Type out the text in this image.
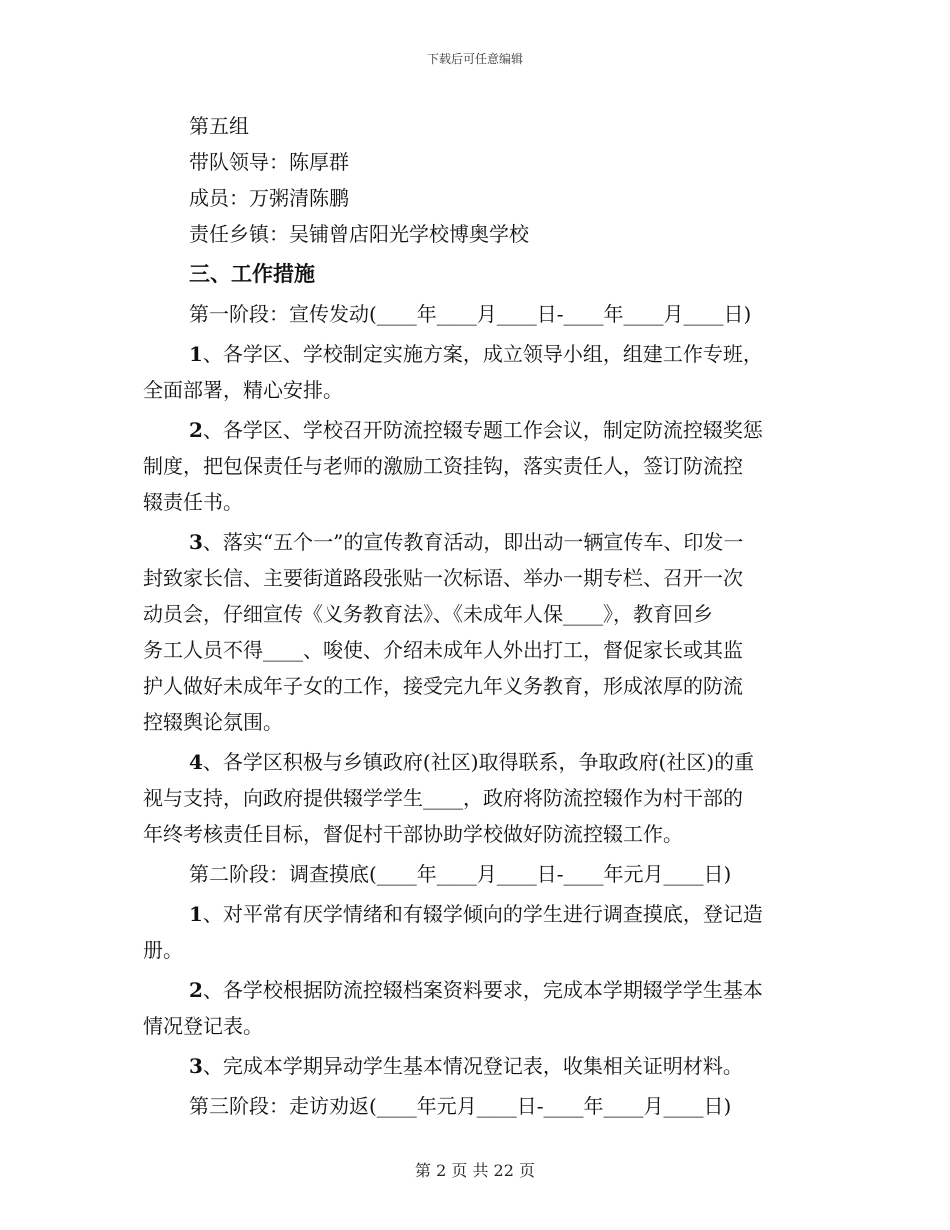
下载后可任意编辑
第五组
带队领导：陈厚群
成员：万粥清陈鹏
责任乡镇：吴铺曾店阳光学校博奥学校
三、工作措施
第一阶段：宣传发动(____年____月____日-____年____月____日)
1、各学区、学校制定实施方案，成立领导小组，组建工作专班，
全面部署，精心安排。
2、各学区、学校召开防流控辍专题工作会议，制定防流控辍奖惩
制度，把包保责任与老师的激励工资挂钩，落实责任人，签订防流控
辍责任书。
3、落实“五个一”的宣传教育活动，即出动一辆宣传车、印发一
封致家长信、主要街道路段张贴一次标语、举办一期专栏、召开一次
动员会，仔细宣传《义务教育法》、《未成年人保____》，教育回乡
务工人员不得____、唆使、介绍未成年人外出打工，督促家长或其监
护人做好未成年子女的工作，接受完九年义务教育，形成浓厚的防流
控辍舆论氛围。
4、各学区积极与乡镇政府(社区)取得联系，争取政府(社区)的重
视与支持，向政府提供辍学学生____，政府将防流控辍作为村干部的
年终考核责任目标，督促村干部协助学校做好防流控辍工作。
第二阶段：调查摸底(____年____月____日-____年元月____日)
1、对平常有厌学情绪和有辍学倾向的学生进行调查摸底，登记造
册。
2、各学校根据防流控辍档案资料要求，完成本学期辍学学生基本
情况登记表。
3、完成本学期异动学生基本情况登记表，收集相关证明材料。
第三阶段：走访劝返(____年元月____日-____年____月____日)
第 2 页 共 22 页
